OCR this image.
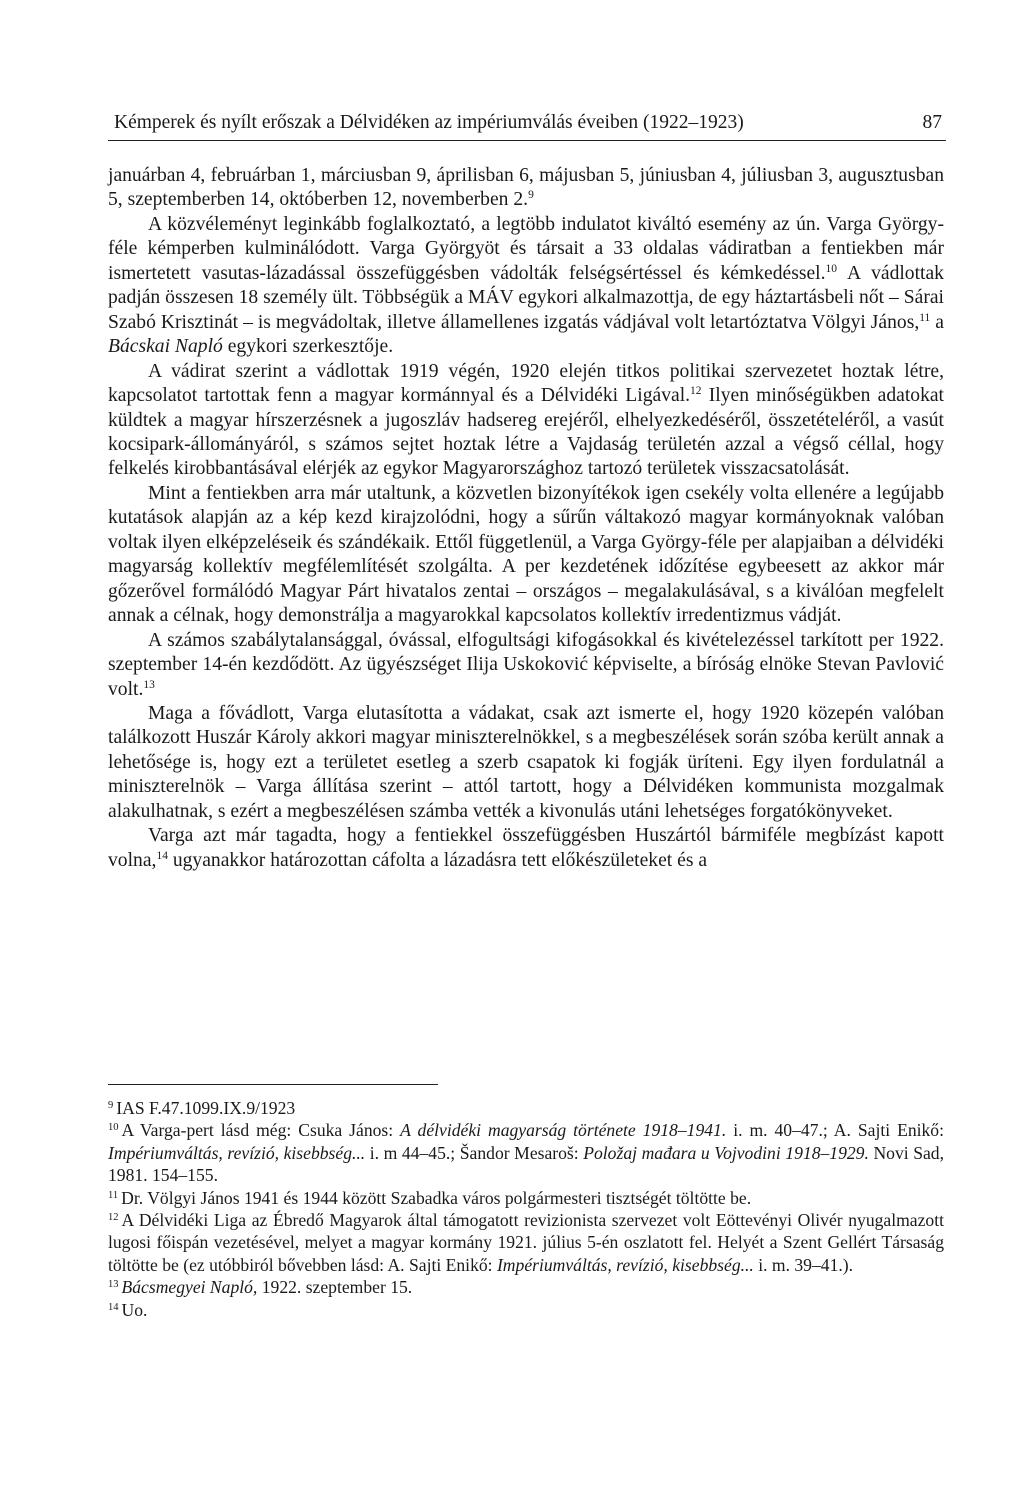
Kémperek és nyílt erőszak a Délvidéken az impériumválás éveiben (1922–1923)	87

januárban 4, februárban 1, márciusban 9, áprilisban 6, májusban 5, júniusban 4, júliusban 3, augusztusban 5, szeptemberben 14, októberben 12, novemberben 2.$^9$

A közvéleményt leginkább foglalkoztató, a legtöbb indulatot kiváltó esemény az ún. Varga György-féle kémperben kulminálódott. Varga Györgyöt és társait a 33 oldalas vádiratban a fentiekben már ismertetett vasutas-lázadással összefüggésben vádolták felségsértéssel és kémkedéssel.$^{10}$ A vádlottak padján összesen 18 személy ült. Többségük a MÁV egykori alkalmazottja, de egy háztartásbeli nőt – Sárai Szabó Krisztinát – is megvádoltak, illetve államellenes izgatás vádjával volt letartóztatva Völgyi János,$^{11}$ a Bácskai Napló egykori szerkesztője.

A vádirat szerint a vádlottak 1919 végén, 1920 elején titkos politikai szervezetet hoztak létre, kapcsolatot tartottak fenn a magyar kormánnyal és a Délvidéki Ligával.$^{12}$ Ilyen minőségükben adatokat küldtek a magyar hírszerzésnek a jugoszláv hadsereg erejéről, elhelyezkedéséről, összetételéről, a vasút kocsipark-állományáról, s számos sejtet hoztak létre a Vajdaság területén azzal a végső céllal, hogy felkelés kirobbantásával elérjék az egykor Magyarországhoz tartozó területek visszacsatolását.

Mint a fentiekben arra már utaltunk, a közvetlen bizonyítékok igen csekély volta ellenére a legújabb kutatások alapján az a kép kezd kirajzolódni, hogy a sűrűn váltakozó magyar kormányoknak valóban voltak ilyen elképzeléseik és szándékaik. Ettől függetlenül, a Varga György-féle per alapjaiban a délvidéki magyarság kollektív megfélemlítését szolgálta. A per kezdetének időzítése egybeesett az akkor már gőzerővel formálódó Magyar Párt hivatalos zentai – országos – megalakulásával, s a kiválóan megfelelt annak a célnak, hogy demonstrálja a magyarokkal kapcsolatos kollektív irredentizmus vádját.

A számos szabálytalansággal, óvással, elfogultsági kifogásokkal és kivételezéssel tarkított per 1922. szeptember 14-én kezdődött. Az ügyészséget Ilija Uskoković képviselte, a bíróság elnöke Stevan Pavlović volt.$^{13}$

Maga a fővádlott, Varga elutasította a vádakat, csak azt ismerte el, hogy 1920 közepén valóban találkozott Huszár Károly akkori magyar miniszterelnökkel, s a megbeszélések során szóba került annak a lehetősége is, hogy ezt a területet esetleg a szerb csapatok ki fogják üríteni. Egy ilyen fordulatnál a miniszterelnök – Varga állítása szerint – attól tartott, hogy a Délvidéken kommunista mozgalmak alakulhatnak, s ezért a megbeszélésen számba vették a kivonulás utáni lehetséges forgatókönyveket.

Varga azt már tagadta, hogy a fentiekkel összefüggésben Huszártól bármiféle megbízást kapott volna,$^{14}$ ugyanakkor határozottan cáfolta a lázadásra tett előkészületeket és a

$^9$ IAS F.47.1099.IX.9/1923

$^{10}$ A Varga-pert lásd még: Csuka János: A délvidéki magyarság története 1918–1941. i. m. 40–47.; A. Sajti Enikő: Impériumváltás, revízió, kisebbség... i. m 44–45.; Šandor Mesaroš: Položaj mađara u Vojvodini 1918–1929. Novi Sad, 1981. 154–155.

$^{11}$ Dr. Völgyi János 1941 és 1944 között Szabadka város polgármesteri tisztségét töltötte be.

$^{12}$ A Délvidéki Liga az Ébredő Magyarok által támogatott revizionista szervezet volt Eöttevényi Olivér nyugalmazott lugosi főispán vezetésével, melyet a magyar kormány 1921. július 5-én oszlatott fel. Helyét a Szent Gellért Társaság töltötte be (ez utóbbiról bővebben lásd: A. Sajti Enikő: Impériumváltás, revízió, kisebbség... i. m. 39–41.).

$^{13}$ Bácsmegyei Napló, 1922. szeptember 15.

$^{14}$ Uo.
